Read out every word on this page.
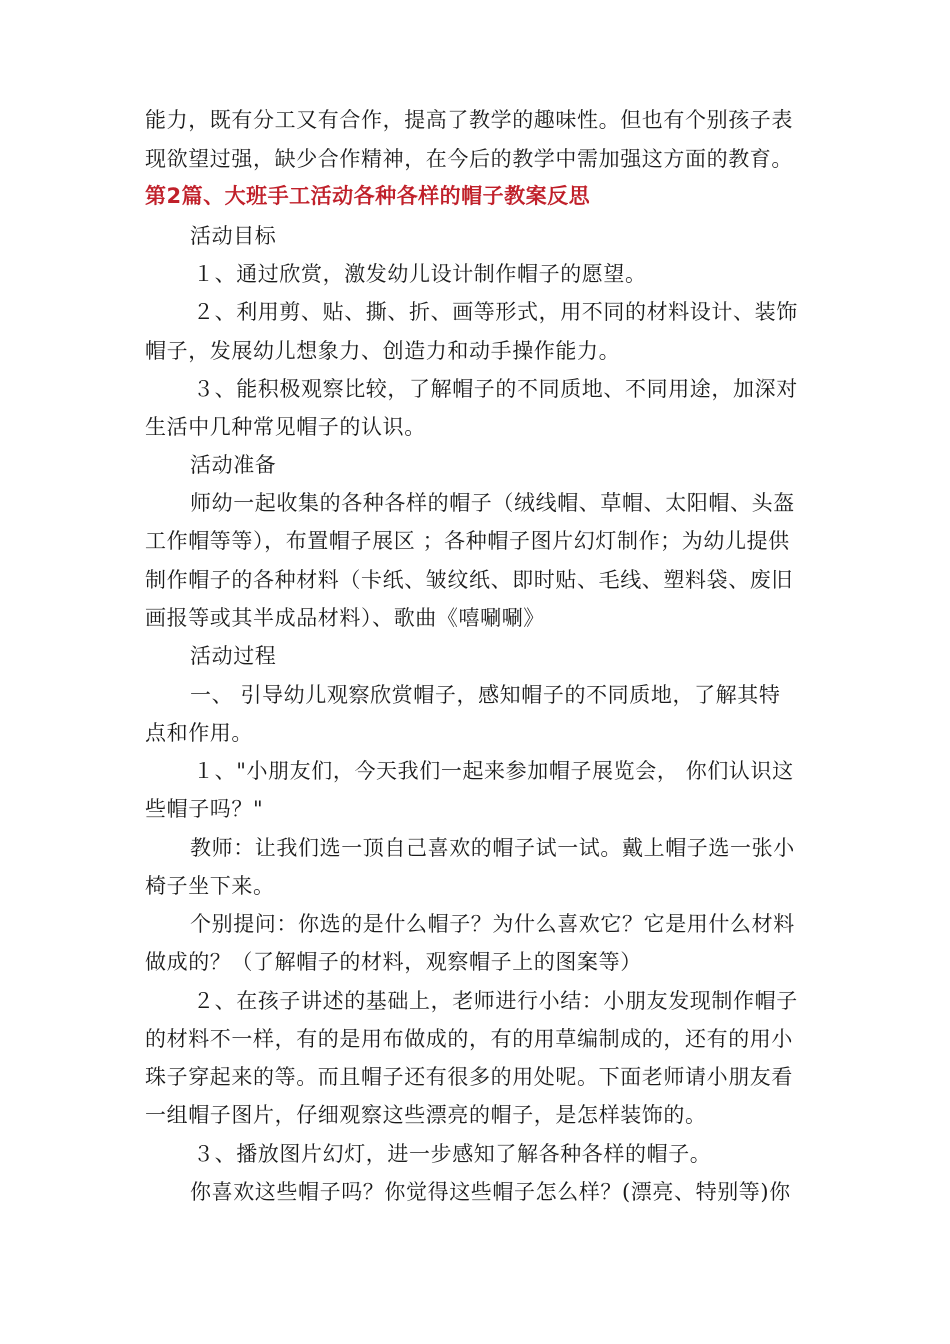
能力，既有分工又有合作，提高了教学的趣味性。但也有个别孩子表
现欲望过强，缺少合作精神，在今后的教学中需加强这方面的教育。
第2篇、大班手工活动各种各样的帽子教案反思
活动目标
１、通过欣赏，激发幼儿设计制作帽子的愿望。
２、利用剪、贴、撕、折、画等形式，用不同的材料设计、装饰
帽子，发展幼儿想象力、创造力和动手操作能力。
３、能积极观察比较，了解帽子的不同质地、不同用途，加深对
生活中几种常见帽子的认识。
活动准备
师幼一起收集的各种各样的帽子（绒线帽、草帽、太阳帽、头盔
工作帽等等），布置帽子展区 ；各种帽子图片幻灯制作；为幼儿提供
制作帽子的各种材料（卡纸、皱纹纸、即时贴、毛线、塑料袋、废旧
画报等或其半成品材料）、歌曲《嘻唰唰》
活动过程
一、 引导幼儿观察欣赏帽子，感知帽子的不同质地，了解其特
点和作用。
１、"小朋友们，今天我们一起来参加帽子展览会， 你们认识这
些帽子吗？"
教师：让我们选一顶自己喜欢的帽子试一试。戴上帽子选一张小
椅子坐下来。
个别提问：你选的是什么帽子？为什么喜欢它？它是用什么材料
做成的？（了解帽子的材料，观察帽子上的图案等）
２、在孩子讲述的基础上，老师进行小结：小朋友发现制作帽子
的材料不一样，有的是用布做成的，有的用草编制成的，还有的用小
珠子穿起来的等。而且帽子还有很多的用处呢。下面老师请小朋友看
一组帽子图片，仔细观察这些漂亮的帽子，是怎样装饰的。
３、播放图片幻灯，进一步感知了解各种各样的帽子。
你喜欢这些帽子吗？你觉得这些帽子怎么样？(漂亮、特别等)你
